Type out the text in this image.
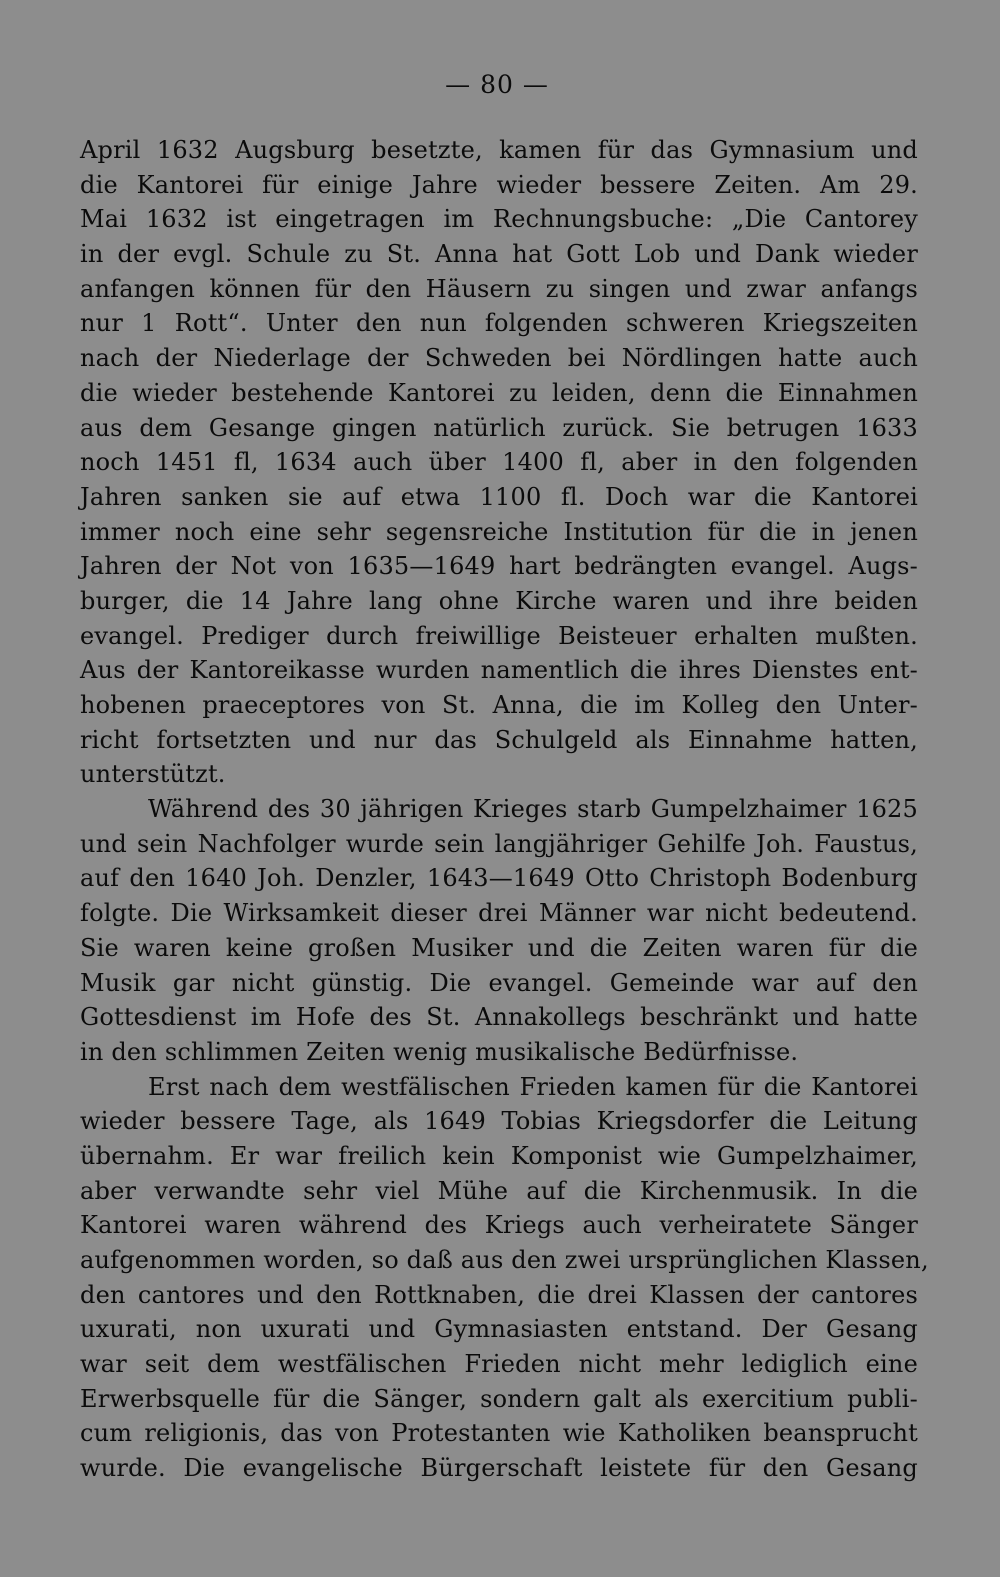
— 80 —
April 1632 Augsburg besetzte, kamen für das Gymnasium und
die Kantorei für einige Jahre wieder bessere Zeiten. Am 29.
Mai 1632 ist eingetragen im Rechnungsbuche: „Die Cantorey
in der evgl. Schule zu St. Anna hat Gott Lob und Dank wieder
anfangen können für den Häusern zu singen und zwar anfangs
nur 1 Rott“. Unter den nun folgenden schweren Kriegszeiten
nach der Niederlage der Schweden bei Nördlingen hatte auch
die wieder bestehende Kantorei zu leiden, denn die Einnahmen
aus dem Gesange gingen natürlich zurück. Sie betrugen 1633
noch 1451 fl, 1634 auch über 1400 fl, aber in den folgenden
Jahren sanken sie auf etwa 1100 fl. Doch war die Kantorei
immer noch eine sehr segensreiche Institution für die in jenen
Jahren der Not von 1635—1649 hart bedrängten evangel. Augs-
burger, die 14 Jahre lang ohne Kirche waren und ihre beiden
evangel. Prediger durch freiwillige Beisteuer erhalten mußten.
Aus der Kantoreikasse wurden namentlich die ihres Dienstes ent-
hobenen praeceptores von St. Anna, die im Kolleg den Unter-
richt fortsetzten und nur das Schulgeld als Einnahme hatten,
unterstützt.
Während des 30 jährigen Krieges starb Gumpelzhaimer 1625
und sein Nachfolger wurde sein langjähriger Gehilfe Joh. Faustus,
auf den 1640 Joh. Denzler, 1643—1649 Otto Christoph Bodenburg
folgte. Die Wirksamkeit dieser drei Männer war nicht bedeutend.
Sie waren keine großen Musiker und die Zeiten waren für die
Musik gar nicht günstig. Die evangel. Gemeinde war auf den
Gottesdienst im Hofe des St. Annakollegs beschränkt und hatte
in den schlimmen Zeiten wenig musikalische Bedürfnisse.
Erst nach dem westfälischen Frieden kamen für die Kantorei
wieder bessere Tage, als 1649 Tobias Kriegsdorfer die Leitung
übernahm. Er war freilich kein Komponist wie Gumpelzhaimer,
aber verwandte sehr viel Mühe auf die Kirchenmusik. In die
Kantorei waren während des Kriegs auch verheiratete Sänger
aufgenommen worden, so daß aus den zwei ursprünglichen Klassen,
den cantores und den Rottknaben, die drei Klassen der cantores
uxurati, non uxurati und Gymnasiasten entstand. Der Gesang
war seit dem westfälischen Frieden nicht mehr lediglich eine
Erwerbsquelle für die Sänger, sondern galt als exercitium publi-
cum religionis, das von Protestanten wie Katholiken beansprucht
wurde. Die evangelische Bürgerschaft leistete für den Gesang
